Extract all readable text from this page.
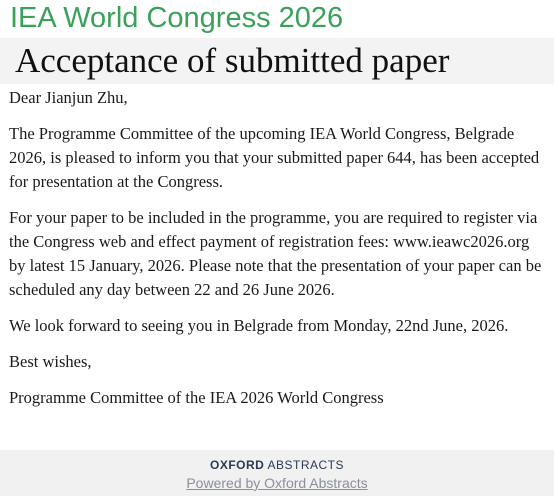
IEA World Congress 2026
Acceptance of submitted paper

Dear Jianjun Zhu,

The Programme Committee of the upcoming IEA World Congress, Belgrade 2026, is pleased to inform you that your submitted paper 644, has been accepted for presentation at the Congress.

For your paper to be included in the programme, you are required to register via the Congress web and effect payment of registration fees: www.ieawc2026.org by latest 15 January, 2026. Please note that the presentation of your paper can be scheduled any day between 22 and 26 June 2026.

We look forward to seeing you in Belgrade from Monday, 22nd June, 2026.

Best wishes,

Programme Committee of the IEA 2026 World Congress

OXFORD ABSTRACTS
Powered by Oxford Abstracts
